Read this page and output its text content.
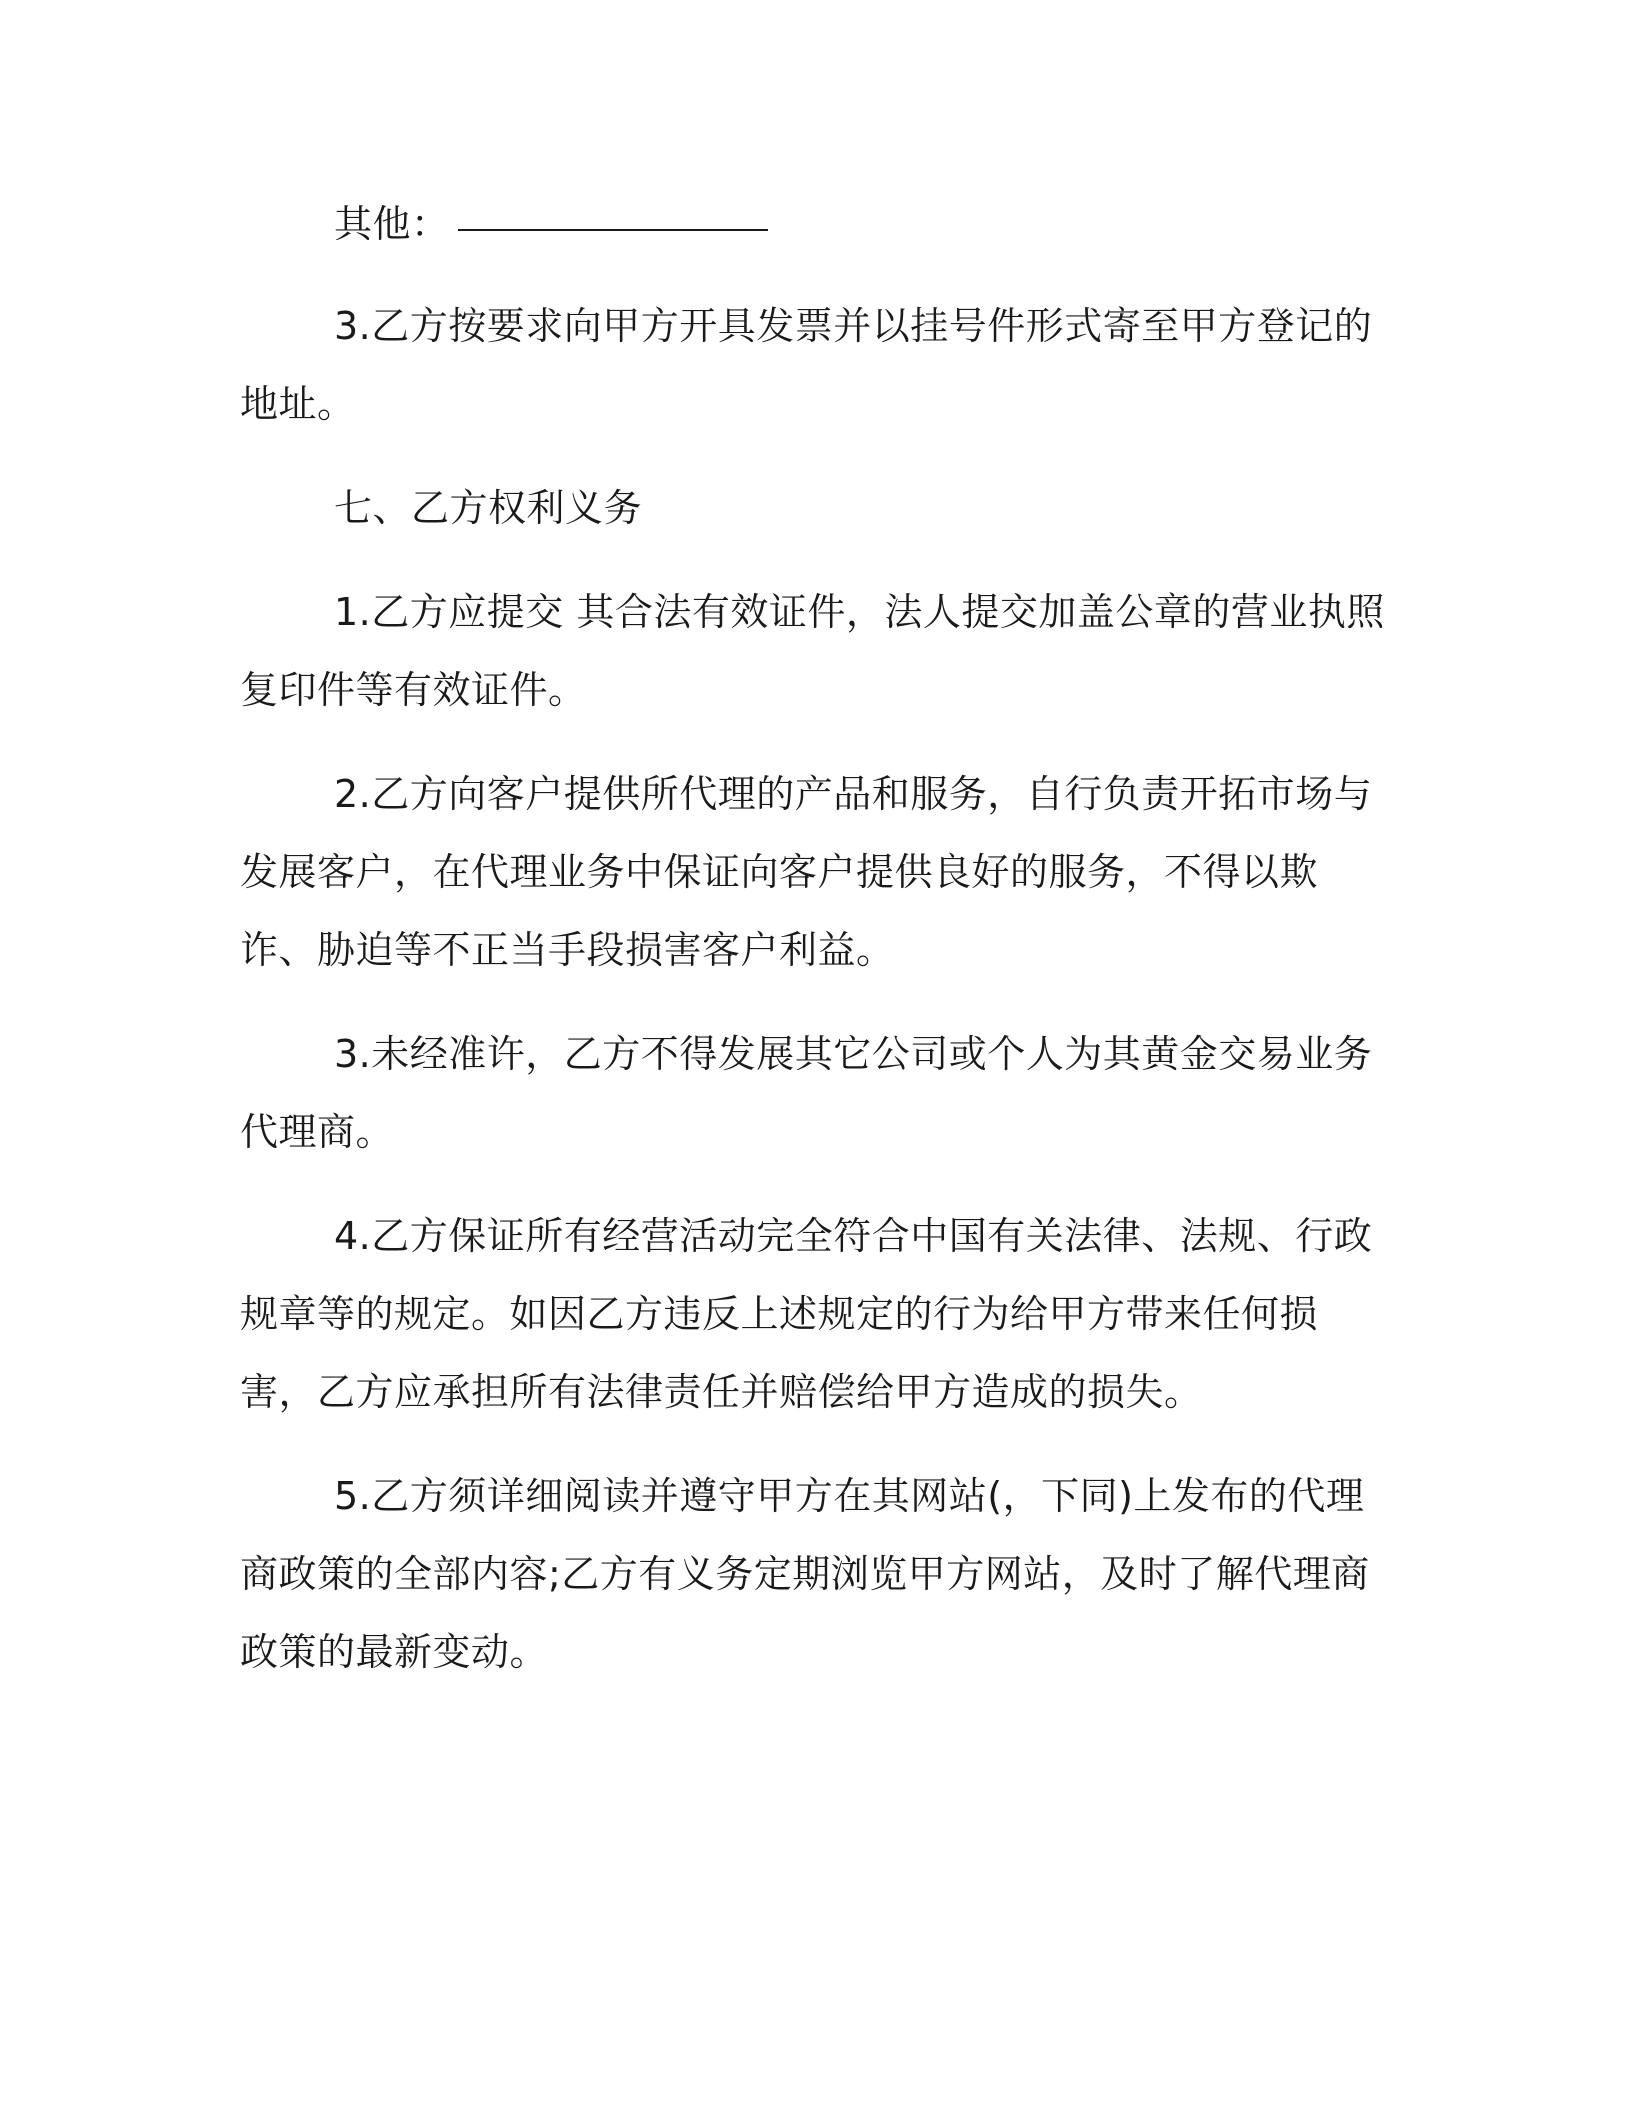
其他：

3.乙方按要求向甲方开具发票并以挂号件形式寄至甲方登记的地址。

七、乙方权利义务

1.乙方应提交 其合法有效证件，法人提交加盖公章的营业执照复印件等有效证件。

2.乙方向客户提供所代理的产品和服务，自行负责开拓市场与发展客户，在代理业务中保证向客户提供良好的服务，不得以欺诈、胁迫等不正当手段损害客户利益。

3.未经准许，乙方不得发展其它公司或个人为其黄金交易业务代理商。

4.乙方保证所有经营活动完全符合中国有关法律、法规、行政规章等的规定。如因乙方违反上述规定的行为给甲方带来任何损害，乙方应承担所有法律责任并赔偿给甲方造成的损失。

5.乙方须详细阅读并遵守甲方在其网站(，下同)上发布的代理商政策的全部内容;乙方有义务定期浏览甲方网站，及时了解代理商政策的最新变动。
